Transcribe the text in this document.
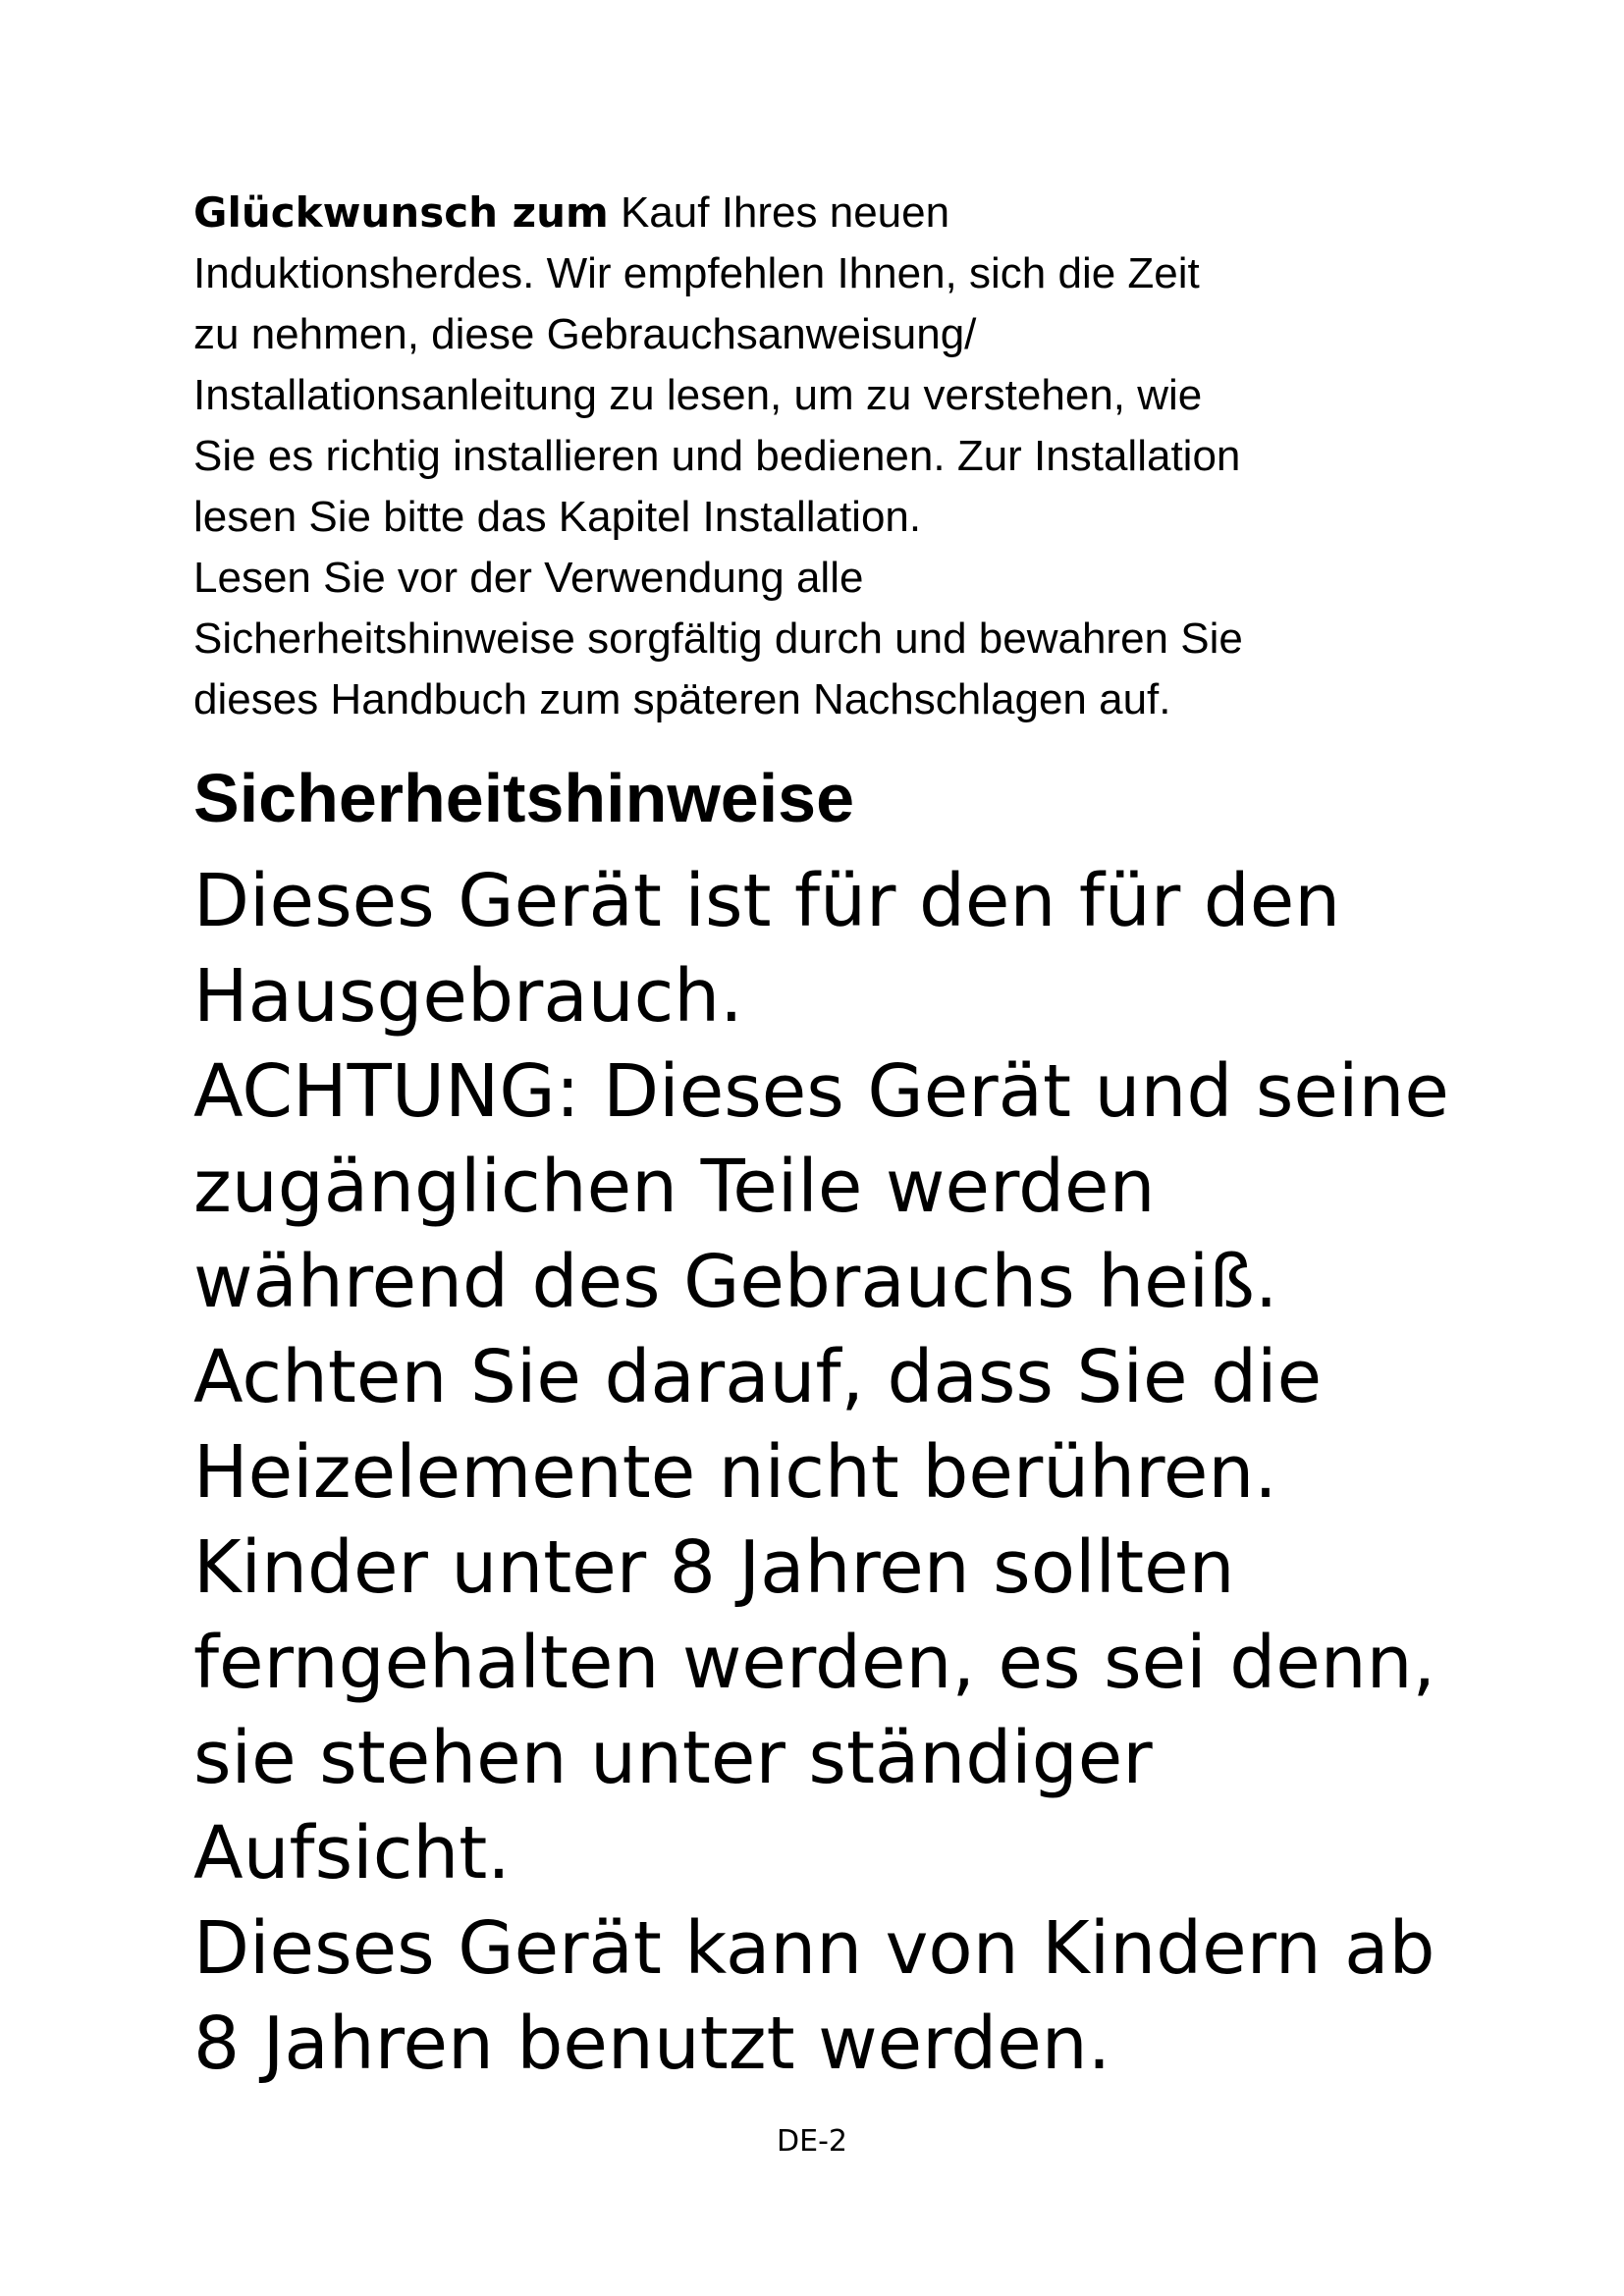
Glückwunsch zum Kauf Ihres neuen
Induktionsherdes. Wir empfehlen Ihnen, sich die Zeit
zu nehmen, diese Gebrauchsanweisung/
Installationsanleitung zu lesen, um zu verstehen, wie
Sie es richtig installieren und bedienen. Zur Installation
lesen Sie bitte das Kapitel Installation.
Lesen Sie vor der Verwendung alle
Sicherheitshinweise sorgfältig durch und bewahren Sie
dieses Handbuch zum späteren Nachschlagen auf.
Sicherheitshinweise
Dieses Gerät ist für den für den
Hausgebrauch.
ACHTUNG: Dieses Gerät und seine
zugänglichen Teile werden
während des Gebrauchs heiß.
Achten Sie darauf, dass Sie die
Heizelemente nicht berühren.
Kinder unter 8 Jahren sollten
ferngehalten werden, es sei denn,
sie stehen unter ständiger
Aufsicht.
Dieses Gerät kann von Kindern ab
8 Jahren benutzt werden.
DE-2
